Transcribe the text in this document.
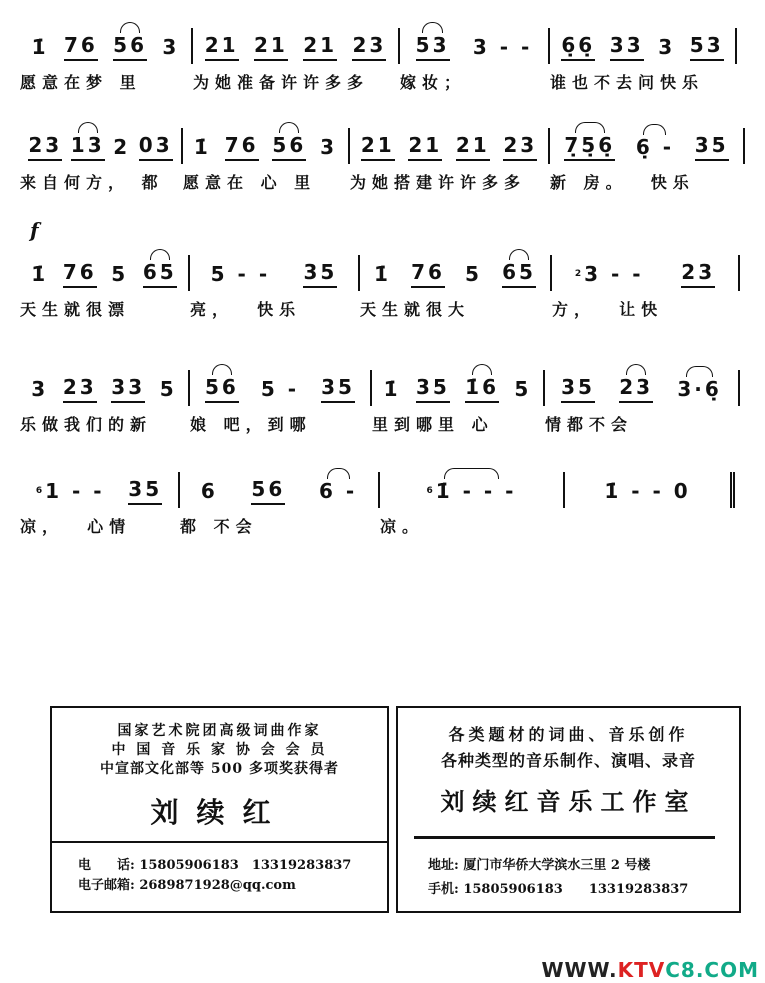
1̇ 76 56 3 21 21 21 23 53 3 - - 6̣6̣ 33 3 53
愿意在梦 里	为她准备许许多多	嫁妆；	谁也不去问快乐
23 13 2 03 1̇ 76 56 3 21 21 21 23 7̣5̣6̣ 6̣ - 35
来自何方， 都	愿意在 心 里	为她搭建许许多多	新 房。  快乐
f
1̇ 76 5 65 5 - - 35 1̇ 76 5 65	$^2$3 - - 23
天生就很漂	亮，  快乐	天生就很大	方，  让快
3 23 33 5 56 5 - 35 1̇ 35 1̇6 5 35 23 3·6̣
乐做我们的新	娘 吧，到哪	里到哪里 心	情都不会
$^6$1 - - 35 6 56 6 -	$^6$1̇ - - -	1̇ - - 0
凉，  心情	都 不会	凉。
国家艺术院团高级词曲作家
中 国 音 乐 家 协 会 会 员
中宣部文化部等 500 多项奖获得者
刘续红
电　　话: 15805906183　13319283837
电子邮箱: 2689871928@qq.com
各类题材的词曲、音乐创作
各种类型的音乐制作、演唱、录音
刘续红音乐工作室
地址: 厦门市华侨大学滨水三里 2 号楼
手机: 15805906183　　13319283837
WWW.KTVC8.COM
